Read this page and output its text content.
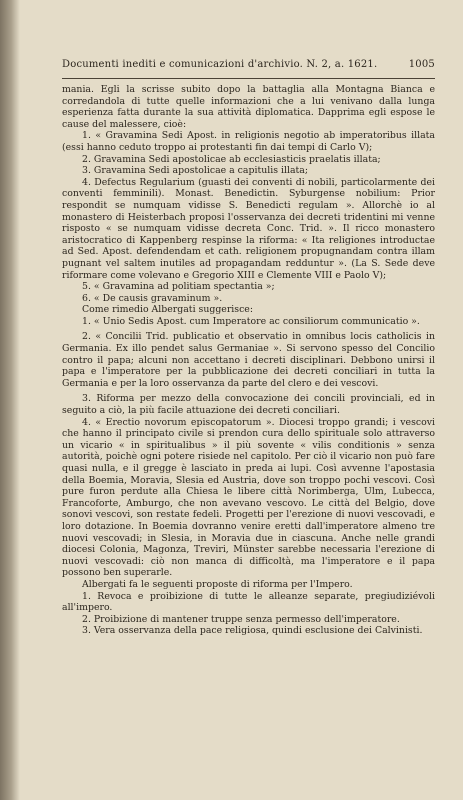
Documenti inediti e comunicazioni d'archivio. N. 2, a. 1621.	1005

mania. Egli la scrisse subito dopo la battaglia alla Montagna Bianca e corredandola di tutte quelle informazioni che a lui venivano dalla lunga esperienza fatta durante la sua attività diplomatica. Dapprima egli espose le cause del malessere, cioè:

1. « Gravamina Sedi Apost. in religionis negotio ab imperatoribus illata (essi hanno ceduto troppo ai protestanti fin dai tempi di Carlo V);

2. Gravamina Sedi apostolicae ab ecclesiasticis praelatis illata;

3. Gravamina Sedi apostolicae a capitulis illata;

4. Defectus Regularium (guasti dei conventi di nobili, particolarmente dei conventi femminili). Monast. Benedictin. Syburgense nobilium: Prior respondit se numquam vidisse S. Benedicti regulam ». Allorchè io al monastero di Heisterbach proposi l'osservanza dei decreti tridentini mi venne risposto « se numquam vidisse decreta Conc. Trid. ». Il ricco monastero aristocratico di Kappenberg respinse la riforma: « Ita religiones introductae ad Sed. Apost. defendendam et cath. religionem propugnandam contra illam pugnant vel saltem inutiles ad propagandam redduntur ». (La S. Sede deve riformare come volevano e Gregorio XIII e Clemente VIII e Paolo V);

5. « Gravamina ad politiam spectantia »;

6. « De causis gravaminum ».

Come rimedio Albergati suggerisce:

1. « Unio Sedis Apost. cum Imperatore ac consiliorum communicatio ».

2. « Concilii Trid. publicatio et observatio in omnibus locis catholicis in Germania. Ex illo pendet salus Germaniae ». Si servono spesso del Concilio contro il papa; alcuni non accettano i decreti disciplinari. Debbono unirsi il papa e l'imperatore per la pubblicazione dei decreti conciliari in tutta la Germania e per la loro osservanza da parte del clero e dei vescovi.

3. Riforma per mezzo della convocazione dei concili provinciali, ed in seguito a ciò, la più facile attuazione dei decreti conciliari.

4. « Erectio novorum episcopatorum ». Diocesi troppo grandi; i vescovi che hanno il principato civile si prendon cura dello spirituale solo attraverso un vicario « in spiritualibus » il più sovente « vilis conditionis » senza autorità, poichè ogni potere risiede nel capitolo. Per ciò il vicario non può fare quasi nulla, e il gregge è lasciato in preda ai lupi. Così avvenne l'apostasia della Boemia, Moravia, Slesia ed Austria, dove son troppo pochi vescovi. Così pure furon perdute alla Chiesa le libere città Norimberga, Ulm, Lubecca, Francoforte, Amburgo, che non avevano vescovo. Le città del Belgio, dove sonovi vescovi, son restate fedeli. Progetti per l'erezione di nuovi vescovadi, e loro dotazione. In Boemia dovranno venire eretti dall'imperatore almeno tre nuovi vescovadi; in Slesia, in Moravia due in ciascuna. Anche nelle grandi diocesi Colonia, Magonza, Treviri, Münster sarebbe necessaria l'erezione di nuovi vescovadi: ciò non manca di difficoltà, ma l'imperatore e il papa possono ben superarle.

Albergati fa le seguenti proposte di riforma per l'Impero.

1. Revoca e proibizione di tutte le alleanze separate, pregiudiziévoli all'impero.

2. Proibizione di mantener truppe senza permesso dell'imperatore.

3. Vera osservanza della pace religiosa, quindi esclusione dei Calvinisti.
